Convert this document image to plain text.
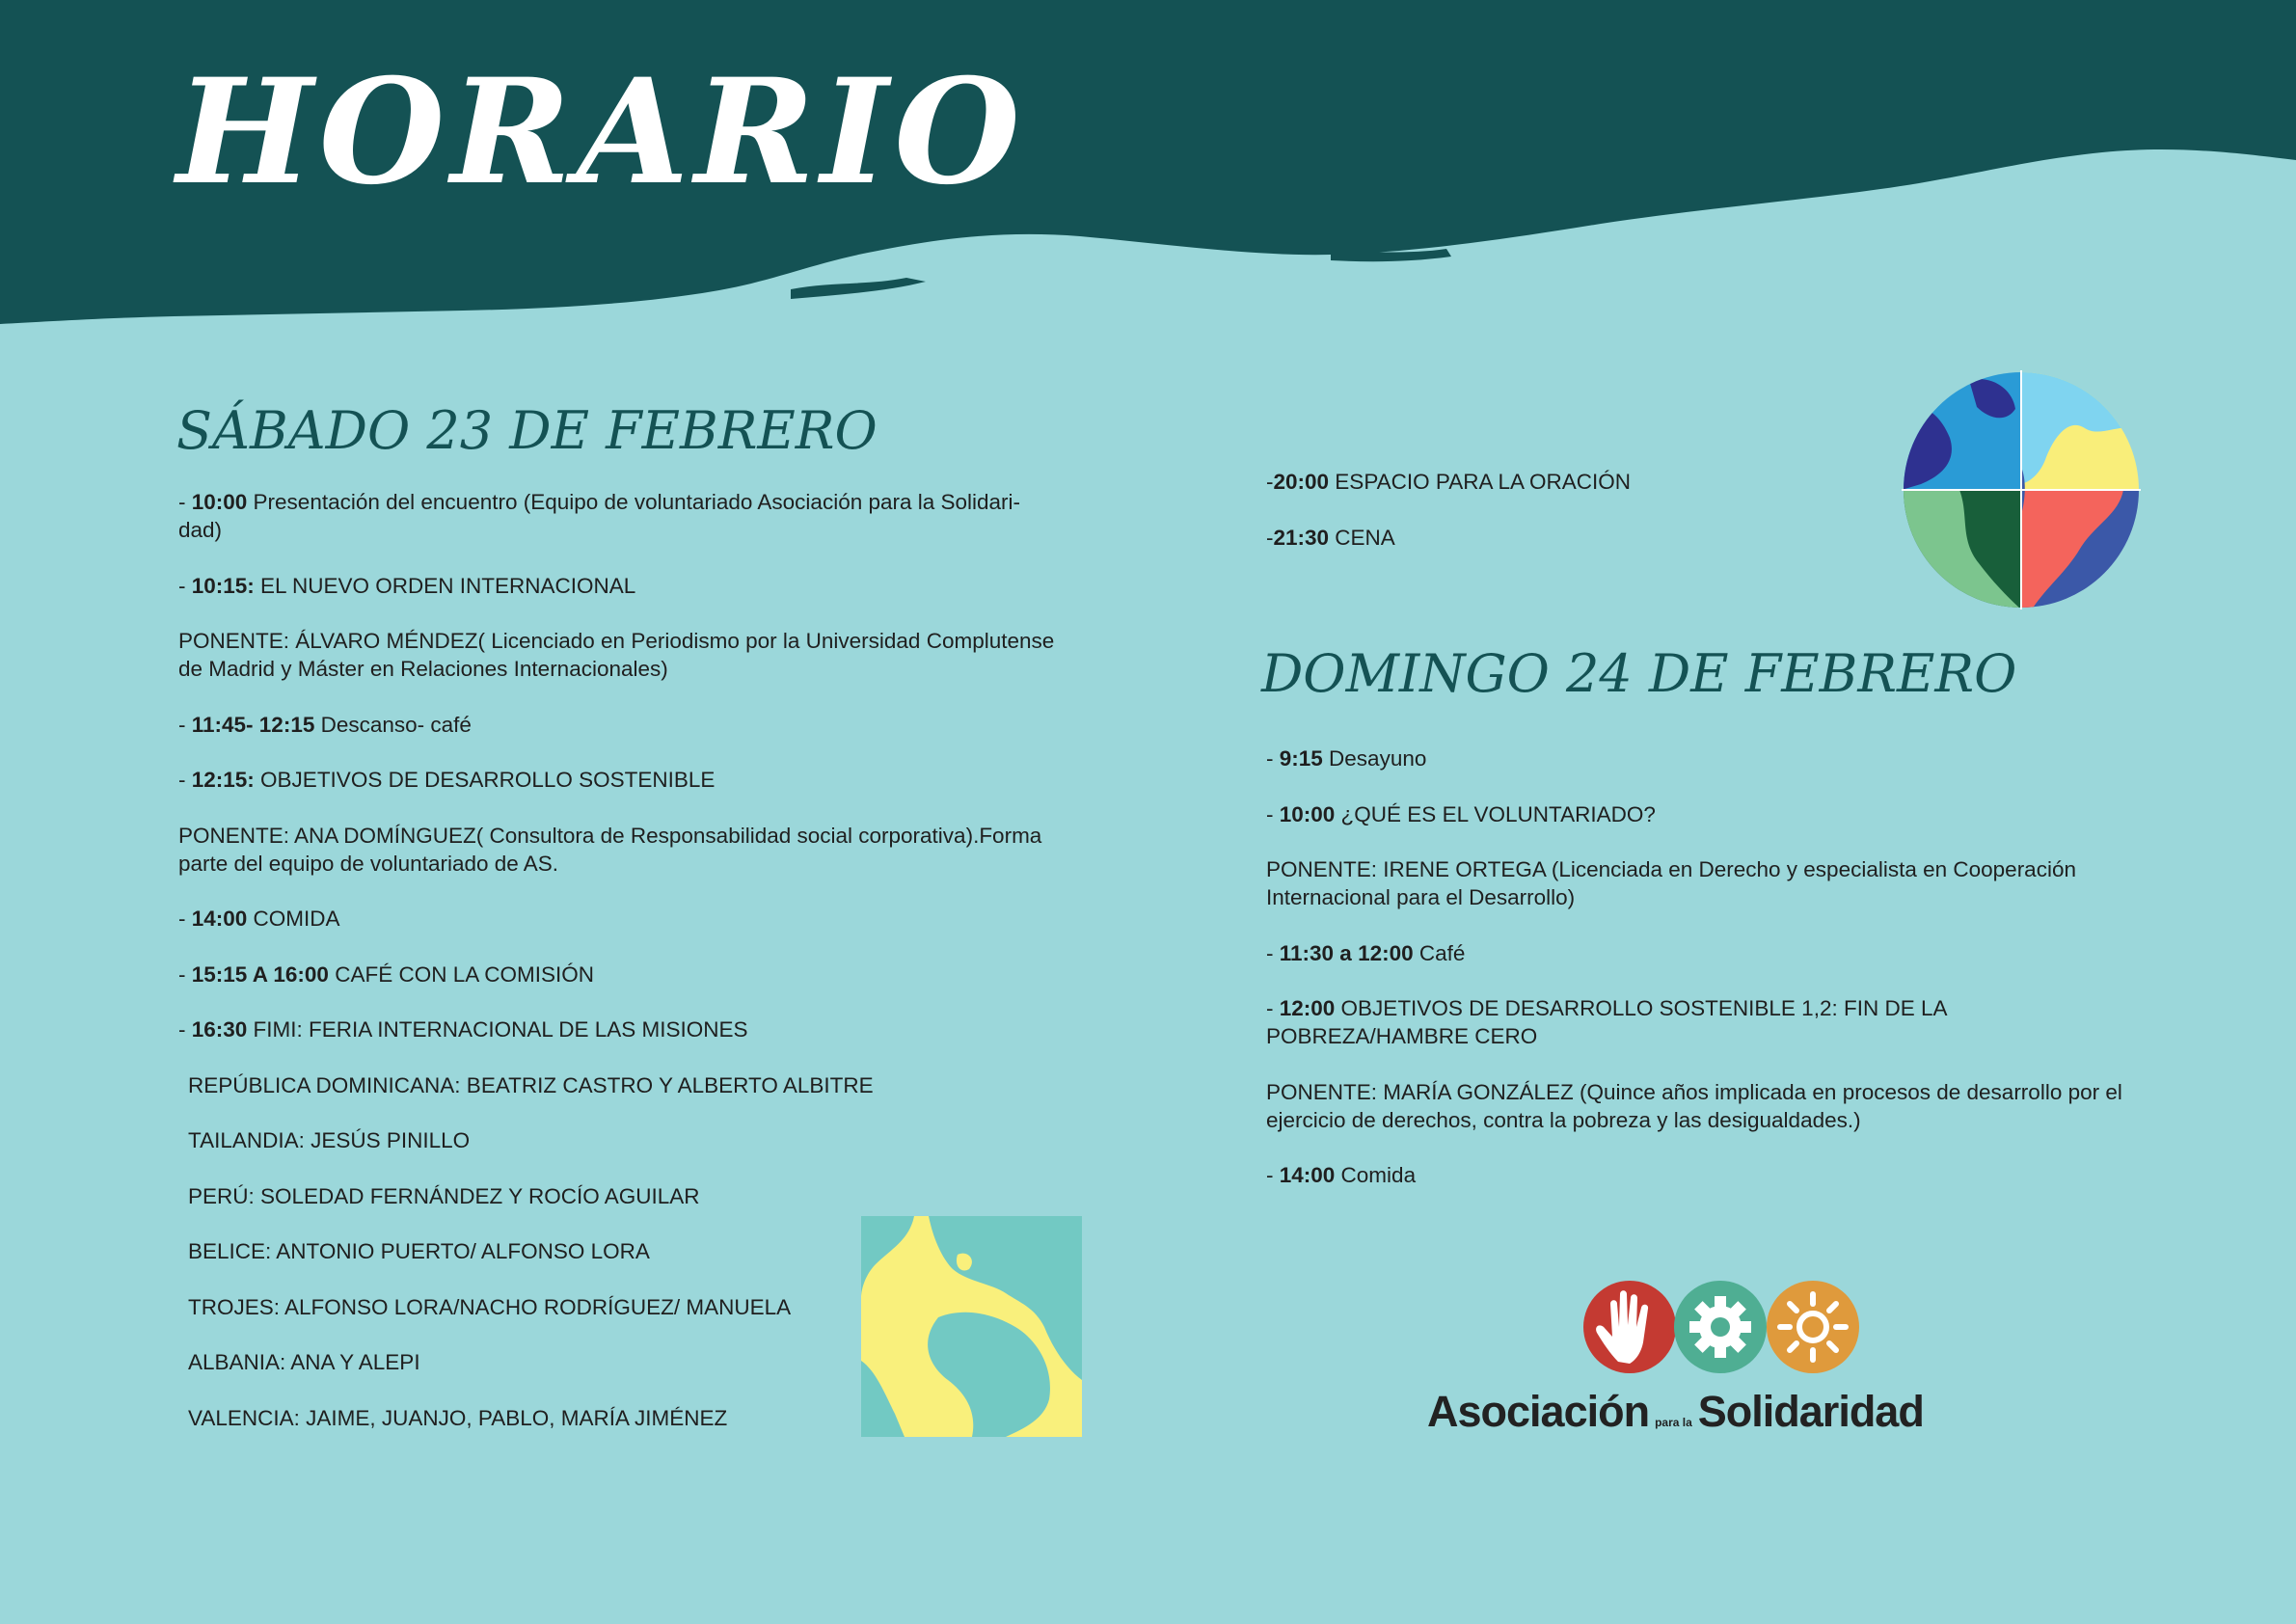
HORARIO
SÁBADO 23 DE FEBRERO

- 10:00 Presentación del encuentro (Equipo de voluntariado Asociación para la Solidari-dad)

- 10:15: EL NUEVO ORDEN INTERNACIONAL

PONENTE: ÁLVARO MÉNDEZ( Licenciado en Periodismo por la Universidad Complutense de Madrid y Máster en Relaciones Internacionales)

- 11:45- 12:15 Descanso- café

- 12:15: OBJETIVOS DE DESARROLLO SOSTENIBLE

PONENTE: ANA DOMÍNGUEZ( Consultora de Responsabilidad social corporativa).Forma parte del equipo de voluntariado de AS.

- 14:00 COMIDA

- 15:15 A 16:00 CAFÉ CON LA COMISIÓN

- 16:30 FIMI: FERIA INTERNACIONAL DE LAS MISIONES

REPÚBLICA DOMINICANA: BEATRIZ CASTRO Y ALBERTO ALBITRE

TAILANDIA: JESÚS PINILLO

PERÚ: SOLEDAD FERNÁNDEZ Y ROCÍO AGUILAR

BELICE: ANTONIO PUERTO/ ALFONSO LORA

TROJES: ALFONSO LORA/NACHO RODRÍGUEZ/ MANUELA

ALBANIA: ANA Y ALEPI

VALENCIA: JAIME, JUANJO, PABLO, MARÍA JIMÉNEZ

-20:00 ESPACIO PARA LA ORACIÓN

-21:30 CENA

DOMINGO 24 DE FEBRERO

- 9:15 Desayuno

- 10:00 ¿QUÉ ES EL VOLUNTARIADO?

PONENTE: IRENE ORTEGA (Licenciada en Derecho y especialista en Cooperación Internacional para el Desarrollo)

- 11:30 a 12:00 Café

- 12:00 OBJETIVOS DE DESARROLLO SOSTENIBLE 1,2: FIN DE LA POBREZA/HAMBRE CERO

PONENTE: MARÍA GONZÁLEZ (Quince años implicada en procesos de desarrollo por el ejercicio de derechos, contra la pobreza y las desigualdades.)

- 14:00 Comida

Asociación para la Solidaridad
